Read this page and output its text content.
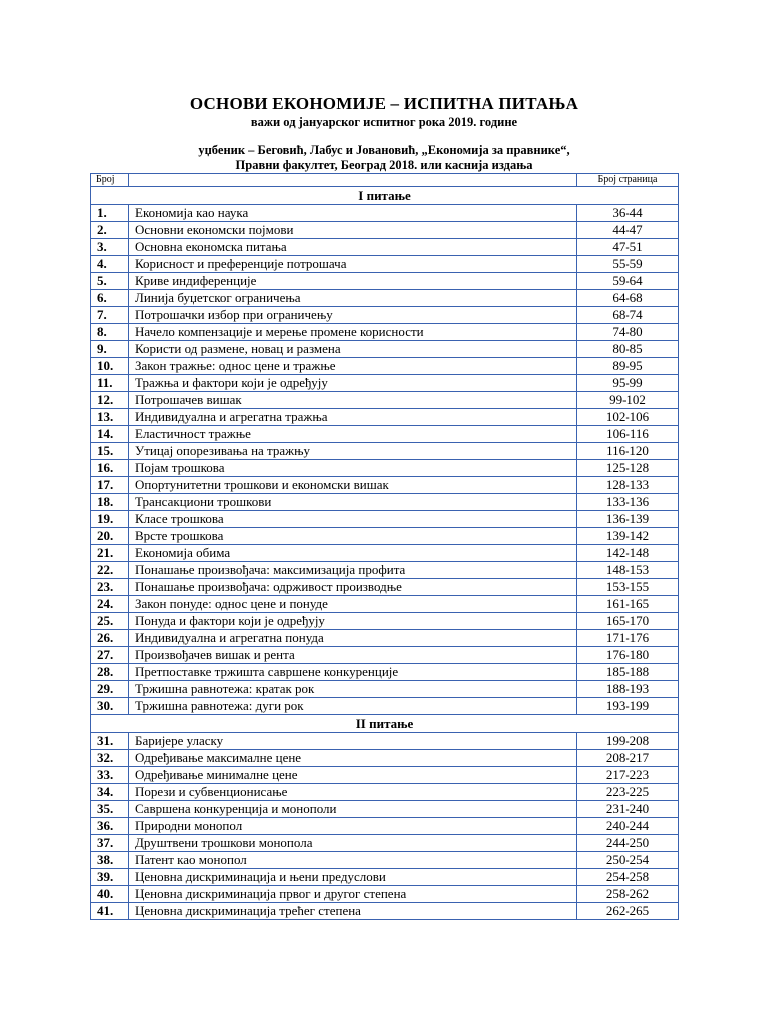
ОСНОВИ ЕКОНОМИЈЕ – ИСПИТНА ПИТАЊА
важи од јануарског испитног рока 2019. године
уџбеник – Беговић, Лабус и Јовановић, „Економија за правнике“,
Правни факултет, Београд 2018. или каснија издања
Број		Број страница
I питање		
1.	Економија као наука	36-44
2.	Основни економски појмови	44-47
3.	Основна економска питања	47-51
4.	Корисност и преференције потрошача	55-59
5.	Криве индиференције	59-64
6.	Линија буџетског ограничења	64-68
7.	Потрошачки избор при ограничењу	68-74
8.	Начело компензације и мерење промене корисности	74-80
9.	Користи од размене, новац и размена	80-85
10.	Закон тражње: однос цене и тражње	89-95
11.	Тражња и фактори који је одређују	95-99
12.	Потрошачев вишак	99-102
13.	Индивидуална и агрегатна тражња	102-106
14.	Еластичност тражње	106-116
15.	Утицај опорезивања на тражњу	116-120
16.	Појам трошкова	125-128
17.	Опортунитетни трошкови и економски вишак	128-133
18.	Трансакциони трошкови	133-136
19.	Класе трошкова	136-139
20.	Врсте трошкова	139-142
21.	Економија обима	142-148
22.	Понашање произвођача: максимизација профита	148-153
23.	Понашање произвођача: одрживост производње	153-155
24.	Закон понуде: однос цене и понуде	161-165
25.	Понуда и фактори који је одређују	165-170
26.	Индивидуална и агрегатна понуда	171-176
27.	Произвођачев вишак и рента	176-180
28.	Претпоставке тржишта савршене конкуренције	185-188
29.	Тржишна равнотежа: кратак рок	188-193
30.	Тржишна равнотежа: дуги рок	193-199
II питање		
31.	Баријере уласку	199-208
32.	Одређивање максималне цене	208-217
33.	Одређивање минималне цене	217-223
34.	Порези и субвенционисање	223-225
35.	Савршена конкуренција и монополи	231-240
36.	Природни монопол	240-244
37.	Друштвени трошкови монопола	244-250
38.	Патент као монопол	250-254
39.	Ценовна дискриминација и њени предуслови	254-258
40.	Ценовна дискриминација првог и другог степена	258-262
41.	Ценовна дискриминација трећег степена	262-265
